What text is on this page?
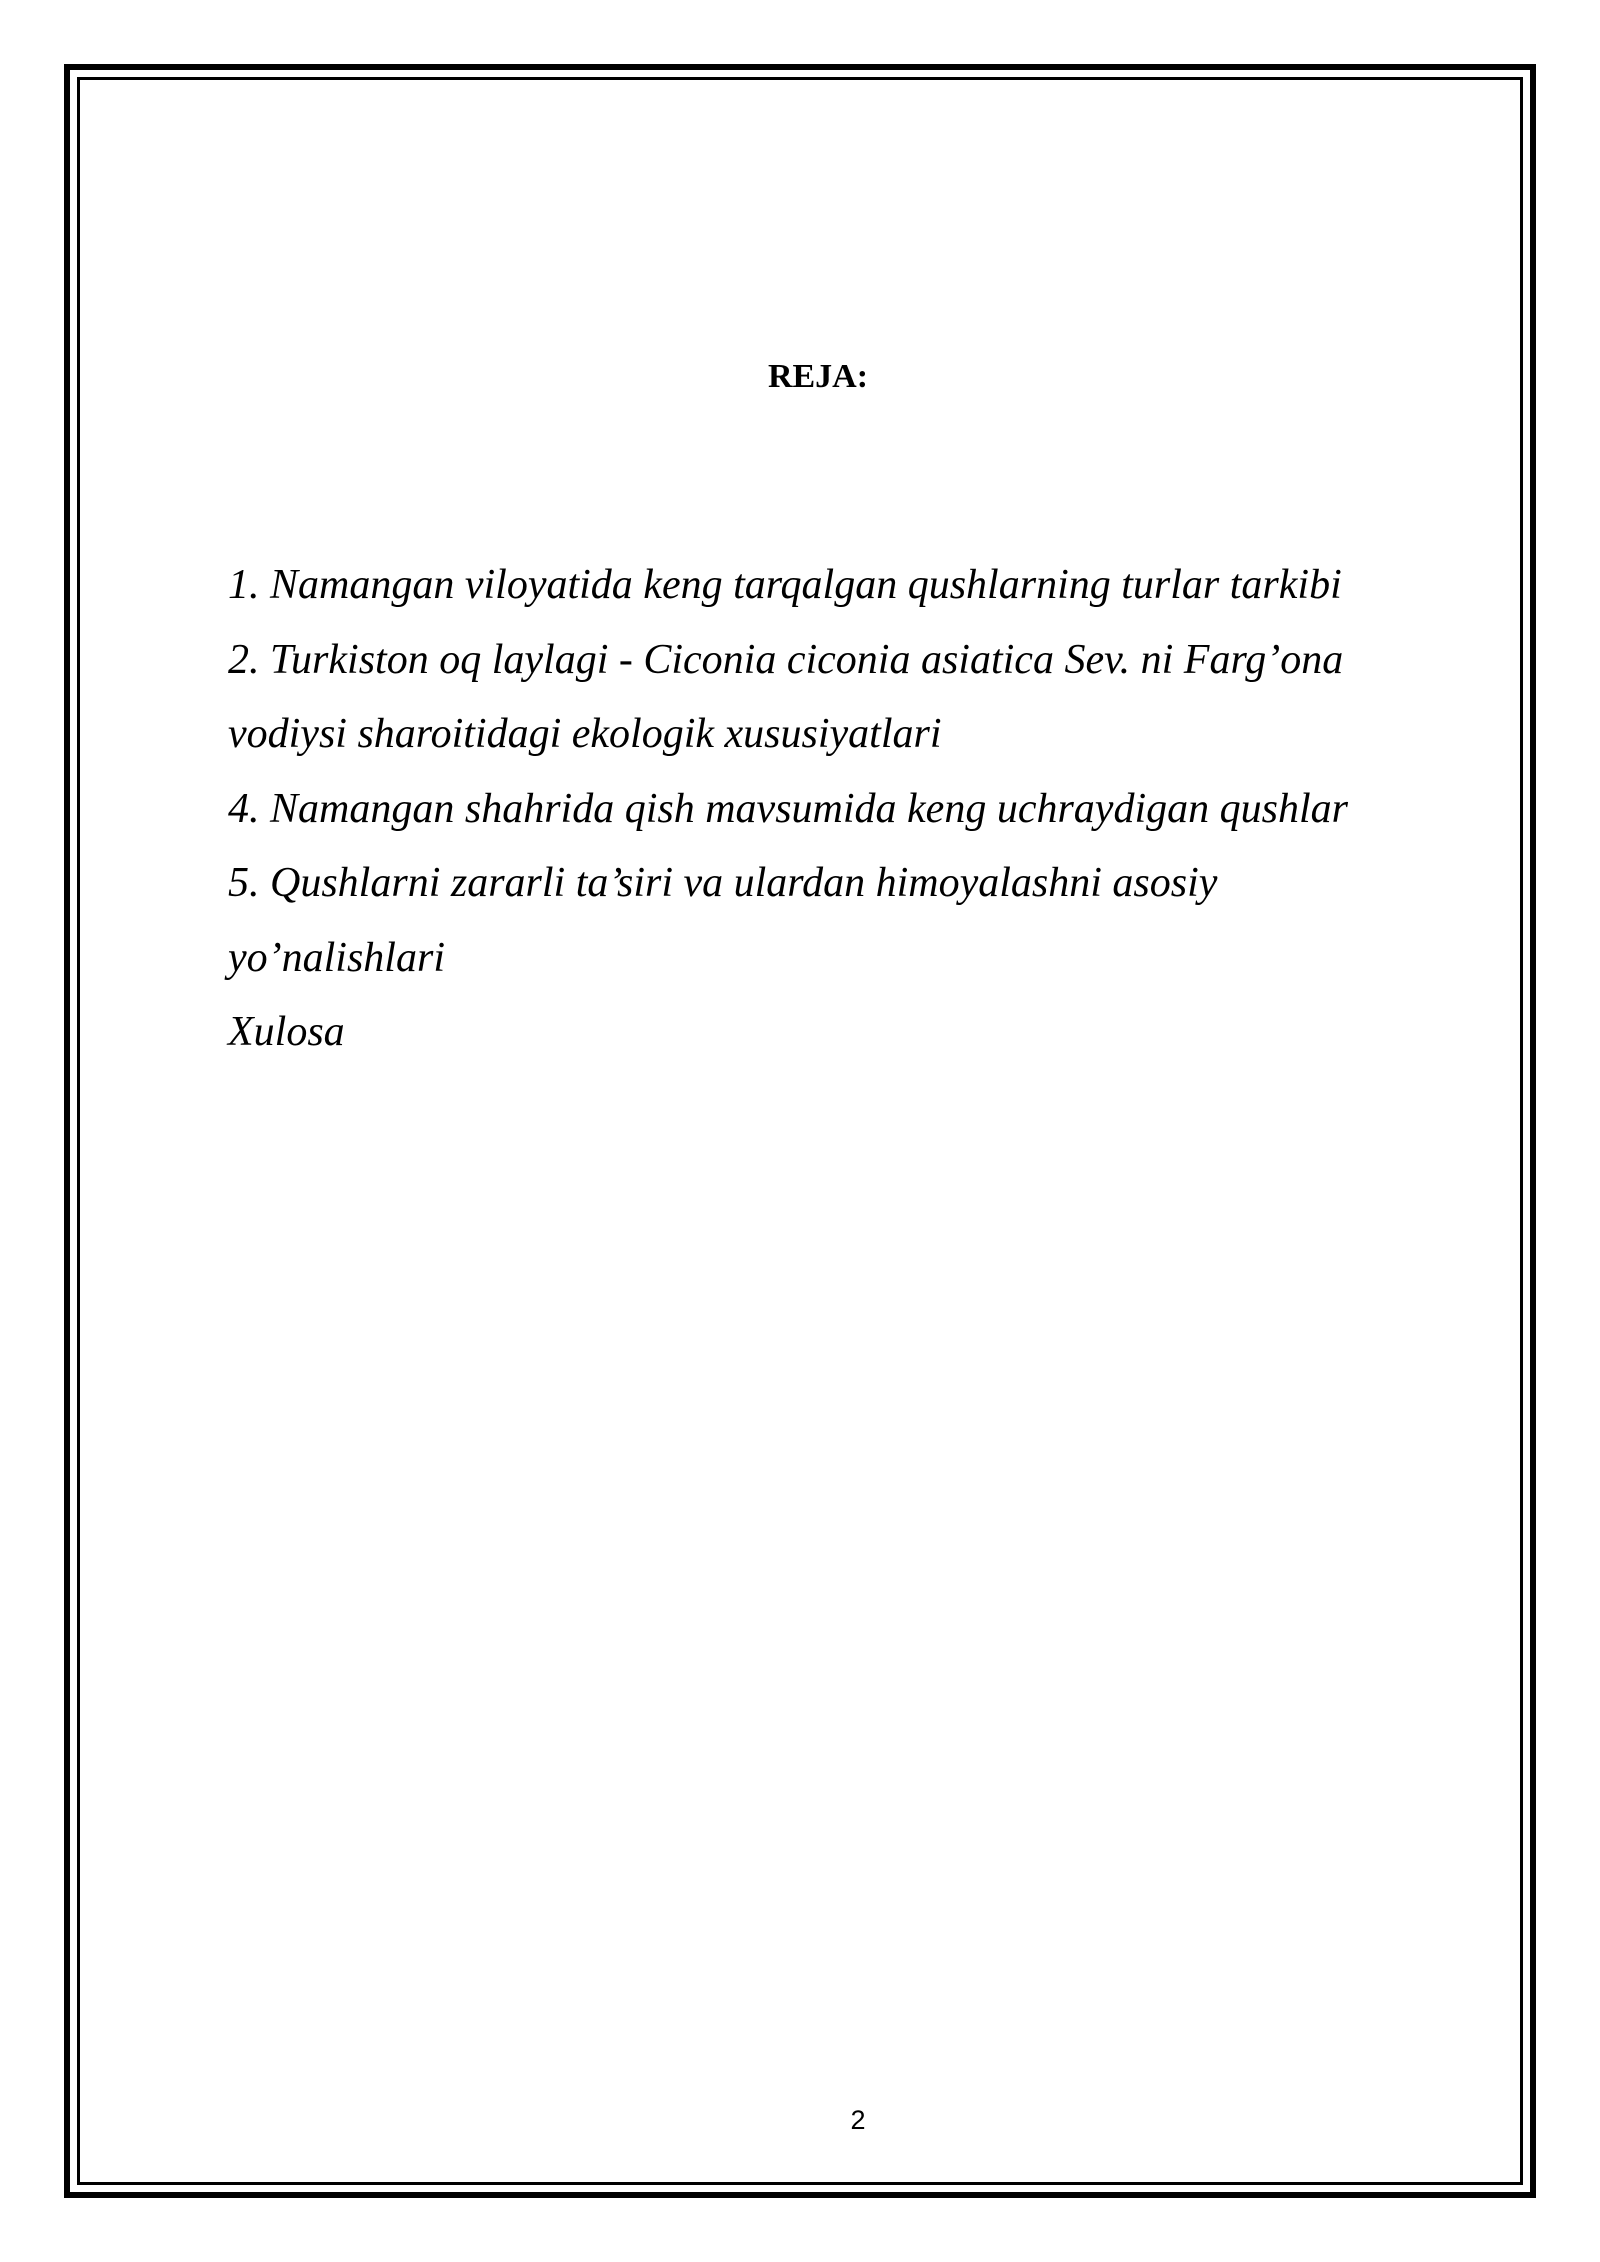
REJA:
1. Namangan viloyatida keng tarqalgan qushlarning turlar tarkibi
2. Turkiston oq laylagi - Ciconia ciconia asiatica Sev. ni Farg’ona
vodiysi sharoitidagi ekologik xususiyatlari
4. Namangan shahrida qish mavsumida keng uchraydigan qushlar
5. Qushlarni zararli ta’siri va ulardan himoyalashni asosiy
yo’nalishlari
Xulosa
2
